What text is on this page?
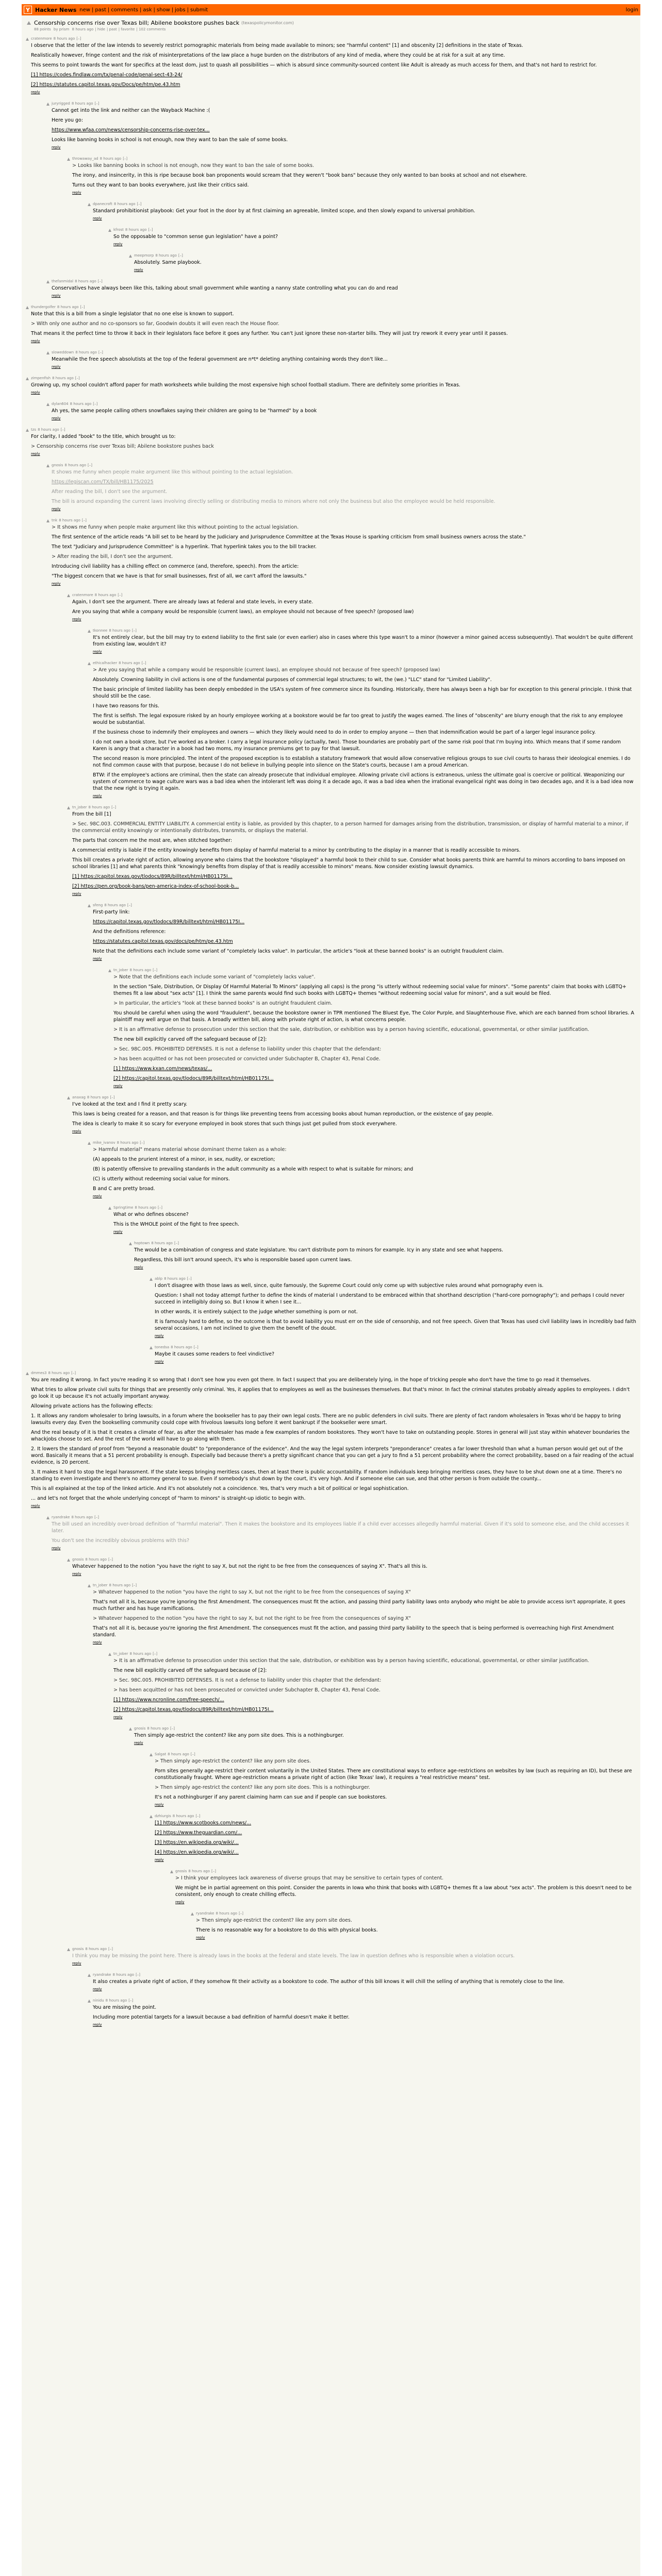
Y Hacker News new | past | comments | ask | show | jobs | submit	login
Censorship concerns rise over Texas bill; Abilene bookstore pushes back (texaspolicymonitor.com)
88 points by prism 8 hours ago | hide | past | favorite | 102 comments
cratenmore 8 hours ago [–]

I observe that the letter of the law intends to severely restrict pornographic materials from being made available to minors; see "harmful content" [1] and obscenity [2] definitions in the state of Texas.

Realistically however, fringe content and the risk of misinterpretations of the law place a huge burden on the distributors of any kind of media, where they could be at risk for a suit at any time.

This seems to point towards the want for specifics at the least dom, just to quash all possibilities — which is absurd since community-sourced content like Adult is already as much access for them, and that's not hard to restrict for.

[1] https://codes.findlaw.com/tx/penal-code/penal-sect-43-24/

[2] https://statutes.capitol.texas.gov/Docs/pe/htm/pe.43.htm

reply
juryrigged 8 hours ago [–]

Cannot get into the link and neither can the Wayback Machine :(

Here you go:

https://www.wfaa.com/news/censorship-concerns-rise-over-tex...

Looks like banning books in school is not enough, now they want to ban the sale of some books.

reply
throwaway_ad 8 hours ago [–]

> Looks like banning books in school is not enough, now they want to ban the sale of some books.

The irony, and insincerity, in this is ripe because book ban proponents would scream that they weren't "book bans" because they only wanted to ban books at school and not elsewhere.

Turns out they want to ban books everywhere, just like their critics said.

reply
dpanecroft 8 hours ago [–]

Standard prohibitionist playbook: Get your foot in the door by at first claiming an agreeable, limited scope, and then slowly expand to universal prohibition.

reply
kfrost 8 hours ago [–]

So the opposable to "common sense gun legislation" have a point?

reply
meepmorp 8 hours ago [–]

Absolutely. Same playbook.

reply
thefanmidal 8 hours ago [–]

Conservatives have always been like this, talking about small government while wanting a nanny state controlling what you can do and read

reply
thundergolfer 8 hours ago [–]

Note that this is a bill from a single legislator that no one else is known to support.

> With only one author and no co-sponsors so far, Goodwin doubts it will even reach the House floor.

That means it the perfect time to throw it back in their legislators face before it goes any further. You can't just ignore these non-starter bills. They will just try rework it every year until it passes.

reply
sloweddown 8 hours ago [–]

Meanwhile the free speech absolutists at the top of the federal government are n*t* deleting anything containing words they don't like...

reply
zimpenfish 8 hours ago [–]

Growing up, my school couldn't afford paper for math worksheets while building the most expensive high school football stadium. There are definitely some priorities in Texas.

reply
dylan604 8 hours ago [–]

Ah yes, the same people calling others snowflakes saying their children are going to be "harmed" by a book

reply
tzs 8 hours ago [–]

For clarity, I added "book" to the title, which brought us to:

> Censorship concerns rise over Texas bill; Abilene bookstore pushes back

reply
gnosis 8 hours ago [–]

It shows me funny when people make argument like this without pointing to the actual legislation.

https://legiscan.com/TX/bill/HB1175/2025

After reading the bill, I don't see the argument.

The bill is around expanding the current laws involving directly selling or distributing media to minors where not only the business but also the employee would be held responsible.

reply
tnk 8 hours ago [–]

> It shows me funny when people make argument like this without pointing to the actual legislation.

The first sentence of the article reads "A bill set to be heard by the Judiciary and Jurisprudence Committee at the Texas House is sparking criticism from small business owners across the state."

The text "Judiciary and Jurisprudence Committee" is a hyperlink. That hyperlink takes you to the bill tracker.

> After reading the bill, I don't see the argument.

Introducing civil liability has a chilling effect on commerce (and, therefore, speech). From the article:

"The biggest concern that we have is that for small businesses, first of all, we can't afford the lawsuits."

reply
cratenmore 8 hours ago [–]

Again, I don't see the argument. There are already laws at federal and state levels, in every state.

Are you saying that while a company would be responsible (current laws), an employee should not because of free speech? (proposed law)

reply
tkonnee 8 hours ago [–]

It's not entirely clear, but the bill may try to extend liability to the first sale (or even earlier) also in cases where this type wasn't to a minor (however a minor gained access subsequently). That wouldn't be quite different from existing law, wouldn't it?

reply
ethicalhacker 8 hours ago [–]

> Are you saying that while a company would be responsible (current laws), an employee should not because of free speech? (proposed law)

Absolutely. Crowning liability in civil actions is one of the fundamental purposes of commercial legal structures; to wit, the (we.) "LLC" stand for "Limited Liability".

The basic principle of limited liability has been deeply embedded in the USA's system of free commerce since its founding. Historically, there has always been a high bar for exception to this general principle. I think that should still be the case.

I have two reasons for this.

The first is selfish. The legal exposure risked by an hourly employee working at a bookstore would be far too great to justify the wages earned. The lines of "obscenity" are blurry enough that the risk to any employee would be substantial.

If the business chose to indemnify their employees and owners — which they likely would need to do in order to employ anyone — then that indemnification would be part of a larger legal insurance policy.

I do not own a book store, but I've worked as a broker. I carry a legal insurance policy (actually, two). Those boundaries are probably part of the same risk pool that I'm buying into. Which means that if some random Karen is angry that a character in a book had two moms, my insurance premiums get to pay for that lawsuit.

The second reason is more principled. The intent of the proposed exception is to establish a statutory framework that would allow conservative religious groups to sue civil courts to harass their ideological enemies. I do not find common cause with that purpose, because I do not believe in bullying people into silence on the State's courts, because I am a proud American.

BTW: if the employee's actions are criminal, then the state can already prosecute that individual employee. Allowing private civil actions is extraneous, unless the ultimate goal is coercive or political. Weaponizing our system of commerce to wage culture wars was a bad idea when the intolerant left was doing it a decade ago, it was a bad idea when the irrational evangelical right was doing in two decades ago, and it is a bad idea now that the new right is trying it again.

reply
tn_jober 8 hours ago [–]

From the bill [1]

> Sec. 98C.003. COMMERCIAL ENTITY LIABILITY. A commercial entity is liable, as provided by this chapter, to a person harmed for damages arising from the distribution, transmission, or display of harmful material to a minor, if the commercial entity knowingly or intentionally distributes, transmits, or displays the material.

The parts that concern me the most are, when stitched together:

A commercial entity is liable if the entity knowingly benefits from display of harmful material to a minor by contributing to the display in a manner that is readily accessible to minors.

This bill creates a private right of action, allowing anyone who claims that the bookstore "displayed" a harmful book to their child to sue. Consider what books parents think are harmful to minors according to bans imposed on school libraries [1] and what parents think "knowingly benefits from display of that is readily accessible to minors" means. Now consider existing lawsuit dynamics.

[1] https://capitol.texas.gov/tlodocs/89R/billtext/html/HB01175I...

[2] https://pen.org/book-bans/pen-america-index-of-school-book-b...

reply
sfeng 8 hours ago [–]

First-party link:

https://capitol.texas.gov/tlodocs/89R/billtext/html/HB01175I...

And the definitions reference:

https://statutes.capitol.texas.gov/docs/pe/htm/pe.43.htm

Note that the definitions each include some variant of "completely lacks value". In particular, the article's "look at these banned books" is an outright fraudulent claim.

reply
tn_jober 8 hours ago [–]

> Note that the definitions each include some variant of "completely lacks value".

In the section "Sale, Distribution, Or Display Of Harmful Material To Minors" (applying all caps) is the prong "is utterly without redeeming social value for minors". "Some parents" claim that books with LGBTQ+ themes fit a law about "sex acts" [1]. I think the same parents would find such books with LGBTQ+ themes "without redeeming social value for minors", and a suit would be filed.

> In particular, the article's "look at these banned books" is an outright fraudulent claim.

You should be careful when using the word "fraudulent", because the bookstore owner in TPR mentioned The Bluest Eye, The Color Purple, and Slaughterhouse Five, which are each banned from school libraries. A plaintiff may well argue on that basis. A broadly written bill, along with private right of action, is what concerns people.

> It is an affirmative defense to prosecution under this section that the sale, distribution, or exhibition was by a person having scientific, educational, governmental, or other similar justification.

The new bill explicitly carved off the safeguard because of [2]:

> Sec. 98C.005. PROHIBITED DEFENSES. It is not a defense to liability under this chapter that the defendant:

> has been acquitted or has not been prosecuted or convicted under Subchapter B, Chapter 43, Penal Code.

[1] https://www.kxan.com/news/texas/...

[2] https://capitol.texas.gov/tlodocs/89R/billtext/html/HB01175I...

reply
anaxag 8 hours ago [–]

I've looked at the text and I find it pretty scary.

This laws is being created for a reason, and that reason is for things like preventing teens from accessing books about human reproduction, or the existence of gay people.

The idea is clearly to make it so scary for everyone employed in book stores that such things just get pulled from stock everywhere.

reply
mike_ivanov 8 hours ago [–]

> Harmful material" means material whose dominant theme taken as a whole:

(A) appeals to the prurient interest of a minor, in sex, nudity, or excretion;

(B) is patently offensive to prevailing standards in the adult community as a whole with respect to what is suitable for minors; and

(C) is utterly without redeeming social value for minors.

B and C are pretty broad.

reply
Springtime 8 hours ago [–]

What or who defines obscene?

This is the WHOLE point of the fight to free speech.

reply
hoptown 8 hours ago [–]

The would be a combination of congress and state legislature. You can't distribute porn to minors for example. Icy in any state and see what happens.

Regardless, this bill isn't around speech, it's who is responsible based upon current laws.

reply
ablp 8 hours ago [–]

I don't disagree with those laws as well, since, quite famously, the Supreme Court could only come up with subjective rules around what pornography even is.

Question: I shall not today attempt further to define the kinds of material I understand to be embraced within that shorthand description ("hard-core pornography"); and perhaps I could never succeed in intelligibly doing so. But I know it when I see it...

In other words, it is entirely subject to the judge whether something is porn or not.

It is famously hard to define, so the outcome is that to avoid liability you must err on the side of censorship, and not free speech. Given that Texas has used civil liability laws in incredibly bad faith several occasions, I am not inclined to give them the benefit of the doubt.

reply
tonedsa 8 hours ago [–]

Maybe it causes some readers to feel vindictive?

reply
dmmes3 8 hours ago [–]

You are reading it wrong. In fact you're reading it so wrong that I don't see how you even got there. In fact I suspect that you are deliberately lying, in the hope of tricking people who don't have the time to go read it themselves.

What tries to allow private civil suits for things that are presently only criminal. Yes, it applies that to employees as well as the businesses themselves. But that's minor. In fact the criminal statutes probably already applies to employees. I didn't go look it up because it's not actually important anyway.

Allowing private actions has the following effects:

1. It allows any random wholesaler to bring lawsuits, in a forum where the bookseller has to pay their own legal costs. There are no public defenders in civil suits. There are plenty of fact random wholesalers in Texas who'd be happy to bring lawsuits every day. Even the bookselling community could cope with frivolous lawsuits long before it went bankrupt if the bookseller were smart.

And the real beauty of it is that it creates a climate of fear, as after the wholesaler has made a few examples of random bookstores. They won't have to take on outstanding people. Stores in general will just stay within whatever boundaries the whackjobs choose to set. And the rest of the world will have to go along with them.

2. It lowers the standard of proof from "beyond a reasonable doubt" to "preponderance of the evidence". And the way the legal system interprets "preponderance" creates a far lower threshold than what a human person would get out of the word. Basically it means that a 51 percent probability is enough. Especially bad because there's a pretty significant chance that you can get a jury to find a 51 percent probability where the correct probability, based on a fair reading of the actual evidence, is 20 percent.

3. It makes it hard to stop the legal harassment. If the state keeps bringing meritless cases, then at least there is public accountability. If random individuals keep bringing meritless cases, they have to be shut down one at a time. There's no standing to even investigate and there's no attorney general to sue. Even if somebody's shut down by the court, it's very high. And if someone else can sue, and that other person is from outside the county...

This is all explained at the top of the linked article. And it's not absolutely not a coincidence. Yes, that's very much a bit of political or legal sophistication.

... and let's not forget that the whole underlying concept of "harm to minors" is straight-up idiotic to begin with.

reply
ryandrake 8 hours ago [–]

The bill used an incredibly over-broad definition of "harmful material". Then it makes the bookstore and its employees liable if a child ever accesses allegedly harmful material. Given if it's sold to someone else, and the child accesses it later.

You don't see the incredibly obvious problems with this?

reply
gnosis 8 hours ago [–]

Whatever happened to the notion "you have the right to say X, but not the right to be free from the consequences of saying X". That's all this is.

reply
tn_jober 8 hours ago [–]

> Whatever happened to the notion "you have the right to say X, but not the right to be free from the consequences of saying X"

That's not all it is, because you're ignoring the first Amendment. The consequences must fit the action, and passing third party liability laws onto anybody who might be able to provide access isn't appropriate, it goes much further and has huge ramifications.

> Whatever happened to the notion "you have the right to say X, but not the right to be free from the consequences of saying X"

That's not all it is, because you're ignoring the first Amendment. The consequences must fit the action, and passing third party liability to the speech that is being performed is overreaching high First Amendment standard.

reply
tn_jober 8 hours ago [–]

> It is an affirmative defense to prosecution under this section that the sale, distribution, or exhibition was by a person having scientific, educational, governmental, or other similar justification.

The new bill explicitly carved off the safeguard because of [2]:

> Sec. 98C.005. PROHIBITED DEFENSES. It is not a defense to liability under this chapter that the defendant:

> has been acquitted or has not been prosecuted or convicted under Subchapter B, Chapter 43, Penal Code.

[1] https://www.ncronline.com/free-speech/...

[2] https://capitol.texas.gov/tlodocs/89R/billtext/html/HB01175I...

reply
gnosis 8 hours ago [–]

Then simply age-restrict the content? like any porn site does. This is a nothingburger.

reply
Salgat 8 hours ago [–]

> Then simply age-restrict the content? like any porn site does.

Porn sites generally age-restrict their content voluntarily in the United States. There are constitutional ways to enforce age-restrictions on websites by law (such as requiring an ID), but these are constitutionally fraught. Where age-restriction means a private right of action (like Texas' law), it requires a "real restrictive means" test.

> Then simply age-restrict the content? like any porn site does. This is a nothingburger.

It's not a nothingburger if any parent claiming harm can sue and if people can sue bookstores.

reply
dzhiurgis 8 hours ago [–]

[1] https://www.scotbooks.com/news/...

[2] https://www.theguardian.com/...

[3] https://en.wikipedia.org/wiki/...

[4] https://en.wikipedia.org/wiki/...

reply
gnosis 8 hours ago [–]

> I think your employees lack awareness of diverse groups that may be sensitive to certain types of content.

We might be in partial agreement on this point. Consider the parents in Iowa who think that books with LGBTQ+ themes fit a law about "sex acts". The problem is this doesn't need to be consistent, only enough to create chilling effects.

reply
ryandrake 8 hours ago [–]

> Then simply age-restrict the content? like any porn site does.

There is no reasonable way for a bookstore to do this with physical books.

reply
gnosis 8 hours ago [–]

I think you may be missing the point here. There is already laws in the books at the federal and state levels. The law in question defines who is responsible when a violation occurs.

reply
ryandrake 8 hours ago [–]

It also creates a private right of action, if they somehow fit their activity as a bookstore to code. The author of this bill knows it will chill the selling of anything that is remotely close to the line.

reply
ninidu 8 hours ago [–]

You are missing the point.

Including more potential targets for a lawsuit because a bad definition of harmful doesn't make it better.

reply
